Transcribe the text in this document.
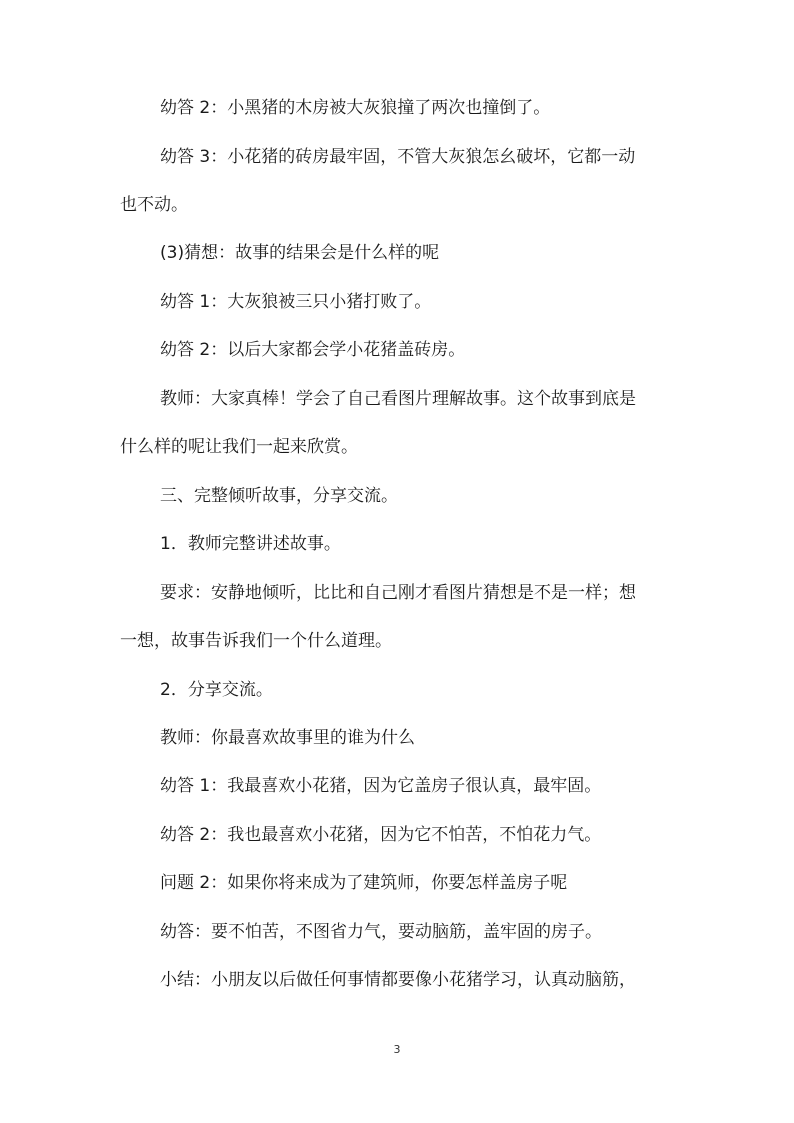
幼答 2：小黑猪的木房被大灰狼撞了两次也撞倒了。
幼答 3：小花猪的砖房最牢固，不管大灰狼怎幺破坏，它都一动
也不动。
(3)猜想：故事的结果会是什么样的呢
幼答 1：大灰狼被三只小猪打败了。
幼答 2：以后大家都会学小花猪盖砖房。
教师：大家真棒！学会了自己看图片理解故事。这个故事到底是
什么样的呢让我们一起来欣赏。
三、完整倾听故事，分享交流。
1．教师完整讲述故事。
要求：安静地倾听，比比和自己刚才看图片猜想是不是一样；想
一想，故事告诉我们一个什么道理。
2．分享交流。
教师：你最喜欢故事里的谁为什么
幼答 1：我最喜欢小花猪，因为它盖房子很认真，最牢固。
幼答 2：我也最喜欢小花猪，因为它不怕苦，不怕花力气。
问题 2：如果你将来成为了建筑师，你要怎样盖房子呢
幼答：要不怕苦，不图省力气，要动脑筋，盖牢固的房子。
小结：小朋友以后做任何事情都要像小花猪学习，认真动脑筋，
3
